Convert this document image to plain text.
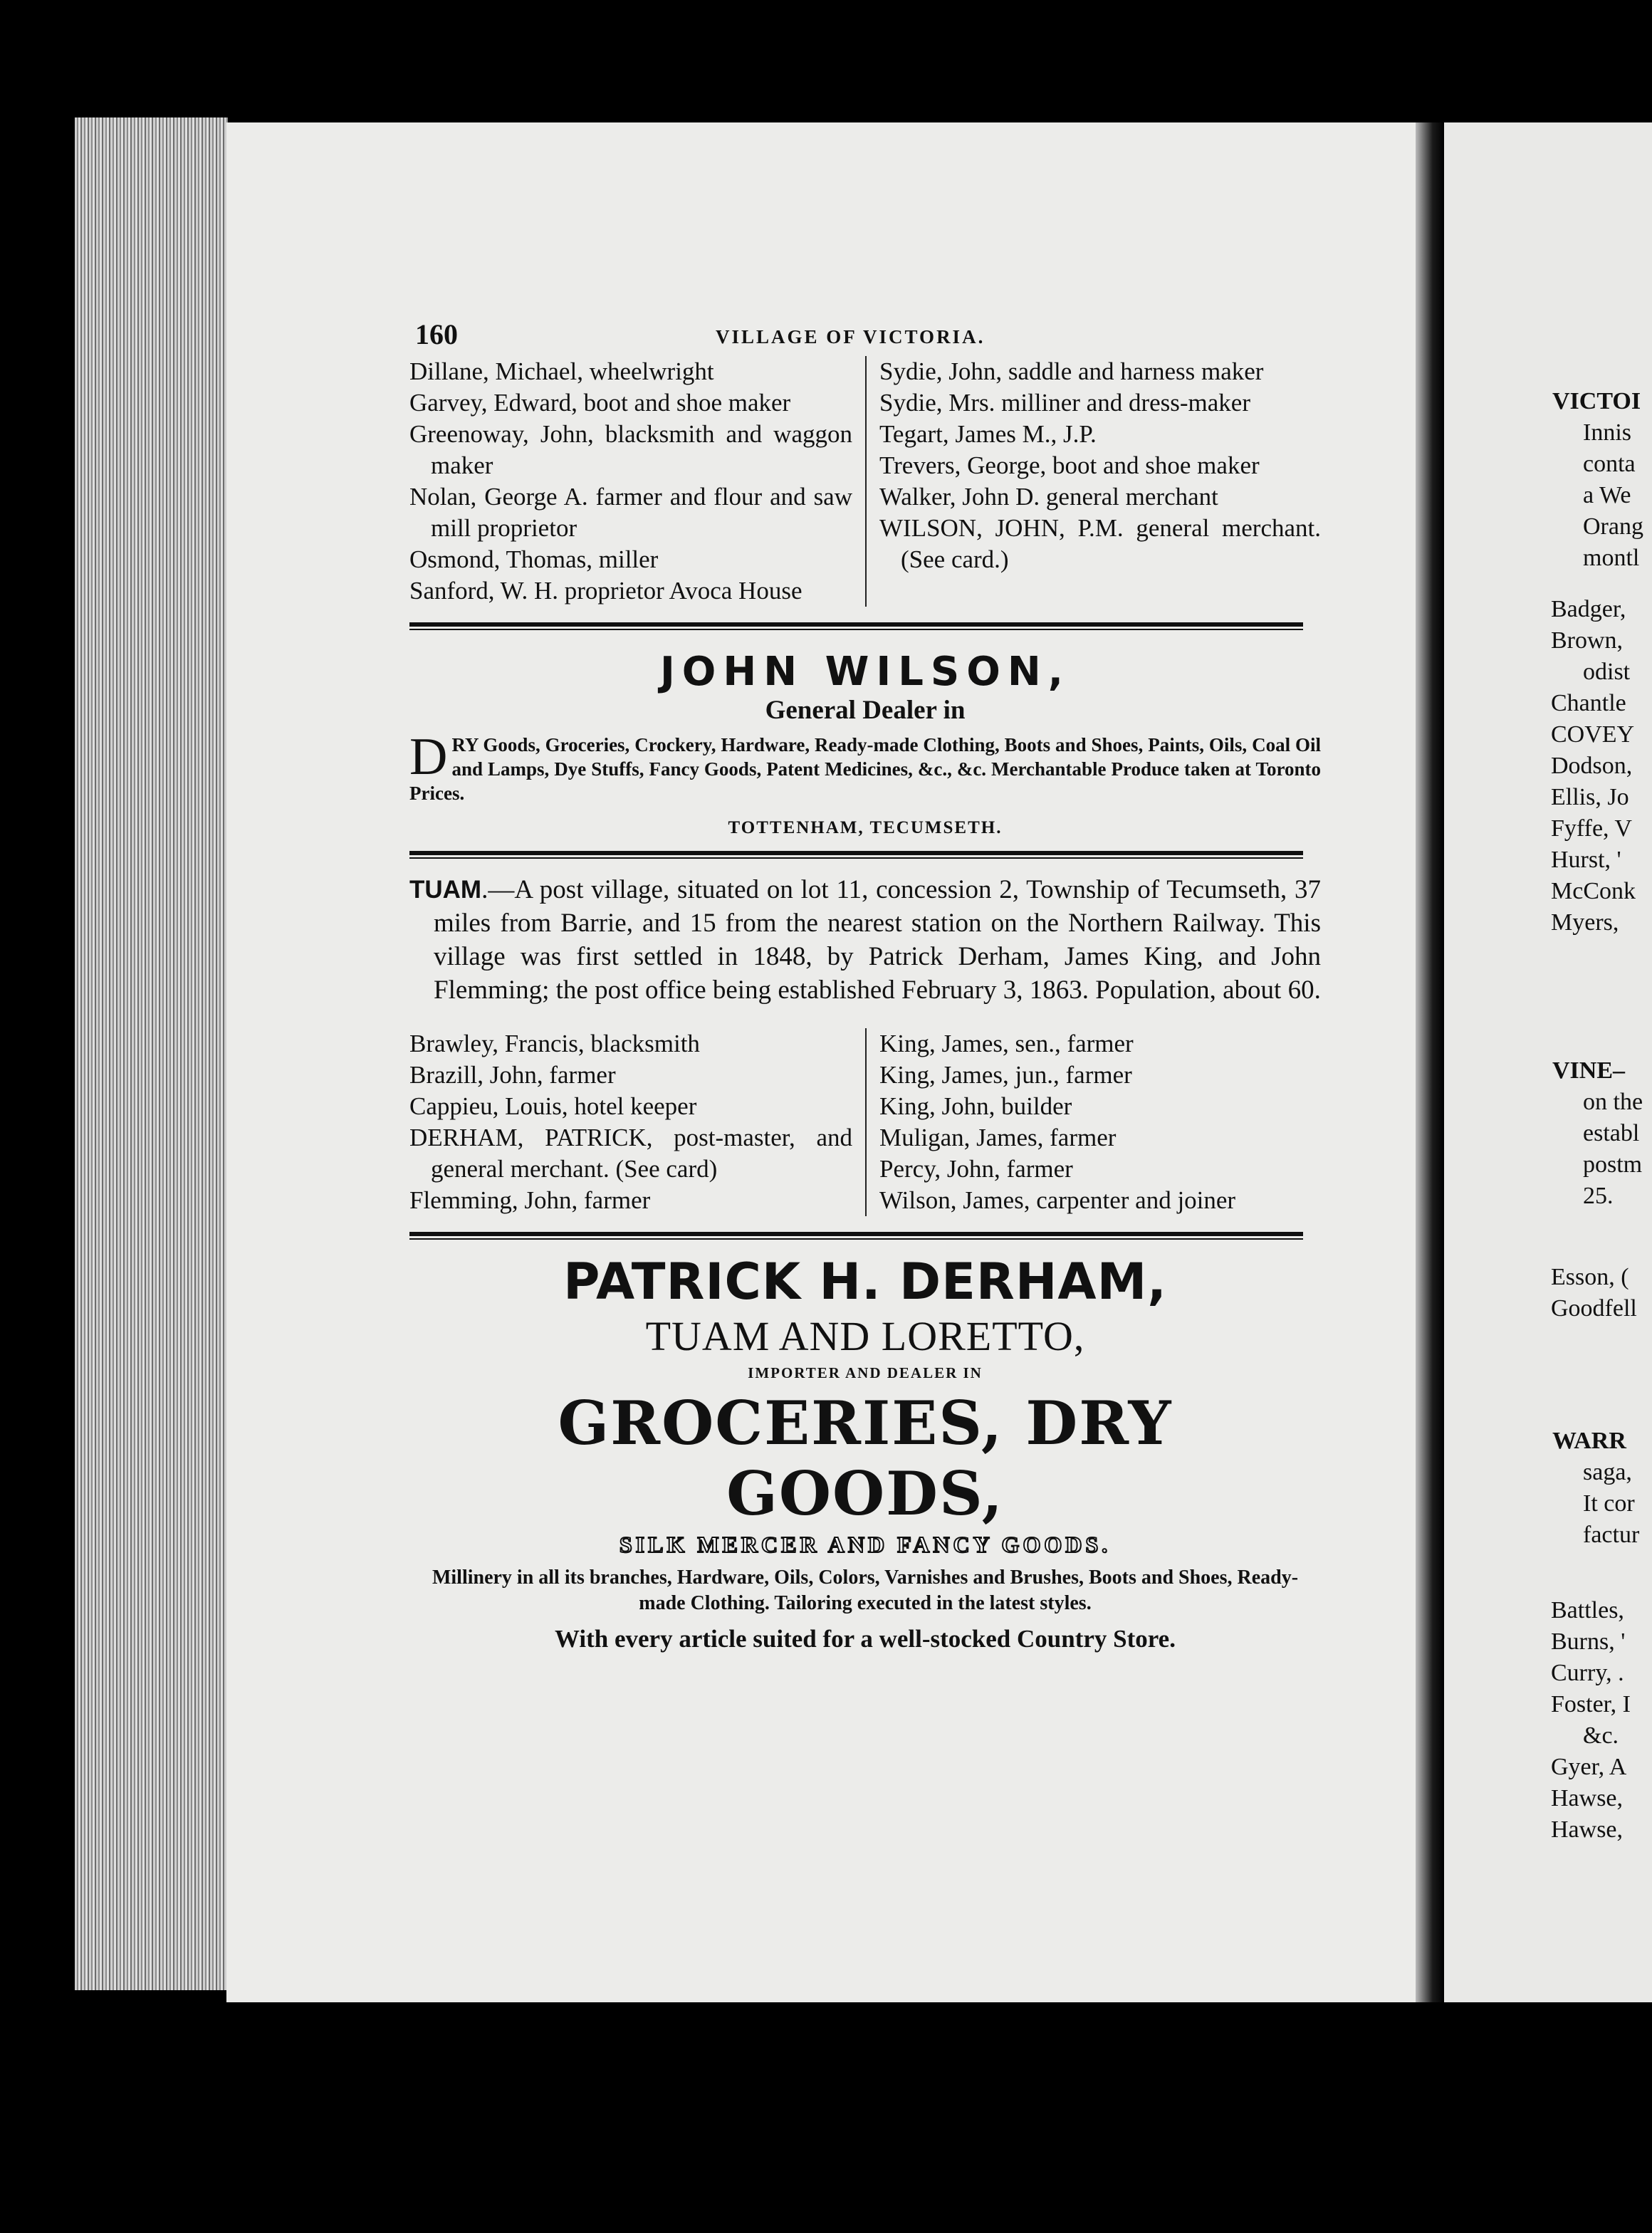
160	VILLAGE OF VICTORIA.
Dillane, Michael, wheelwright
Garvey, Edward, boot and shoe maker
Greenoway, John, blacksmith and waggon maker
Nolan, George A. farmer and flour and saw mill proprietor
Osmond, Thomas, miller
Sanford, W. H. proprietor Avoca House
Sydie, John, saddle and harness maker
Sydie, Mrs. milliner and dress-maker
Tegart, James M., J.P.
Trevers, George, boot and shoe maker
Walker, John D. general merchant
WILSON, JOHN, P.M. general merchant. (See card.)
JOHN WILSON,
General Dealer in
DRY Goods, Groceries, Crockery, Hardware, Ready-made Clothing, Boots and Shoes, Paints, Oils, Coal Oil and Lamps, Dye Stuffs, Fancy Goods, Patent Medicines, &c., &c. Merchantable Produce taken at Toronto Prices.
TOTTENHAM, TECUMSETH.
TUAM.—A post village, situated on lot 11, concession 2, Township of Tecumseth, 37 miles from Barrie, and 15 from the nearest station on the Northern Railway. This village was first settled in 1848, by Patrick Derham, James King, and John Flemming; the post office being established February 3, 1863. Population, about 60.
Brawley, Francis, blacksmith
Brazill, John, farmer
Cappieu, Louis, hotel keeper
DERHAM, PATRICK, post-master, and general merchant. (See card)
Flemming, John, farmer
King, James, sen., farmer
King, James, jun., farmer
King, John, builder
Muligan, James, farmer
Percy, John, farmer
Wilson, James, carpenter and joiner
PATRICK H. DERHAM,
TUAM AND LORETTO,
IMPORTER AND DEALER IN
GROCERIES, DRY GOODS,
SILK MERCER AND FANCY GOODS.
Millinery in all its branches, Hardware, Oils, Colors, Varnishes and Brushes, Boots and Shoes, Ready-made Clothing. Tailoring executed in the latest styles.
With every article suited for a well-stocked Country Store.
VICTOI
Innis
conta
a We
Orang
montl
Badger,
Brown,
odist
Chantle
COVEY
Dodson,
Ellis, Jo
Fyffe, V
Hurst, '
McConk
Myers,
VINE–
on the
establ
postm
25.
Esson, (
Goodfell
WARR
saga,
It cor
factur
Battles,
Burns, '
Curry, .
Foster, I
&c.
Gyer, A
Hawse,
Hawse,
